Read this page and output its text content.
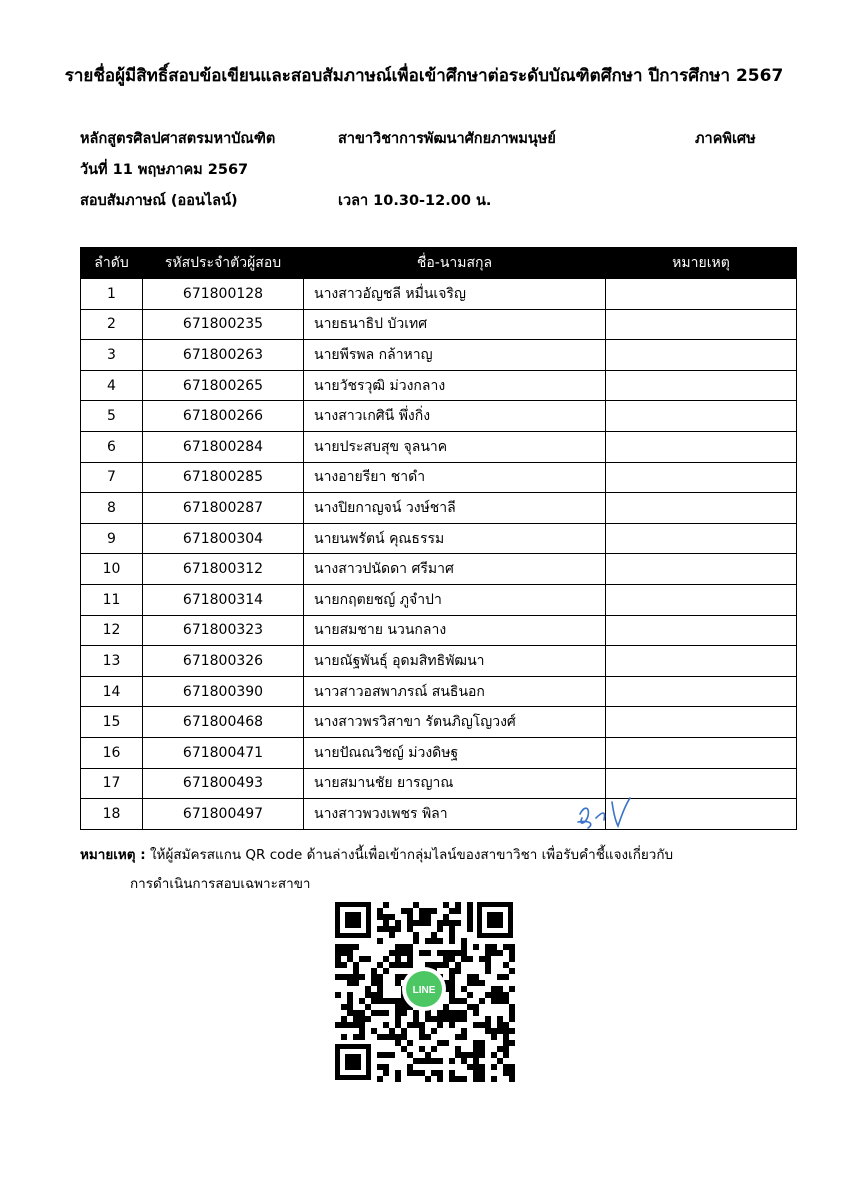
รายชื่อผู้มีสิทธิ์สอบข้อเขียนและสอบสัมภาษณ์เพื่อเข้าศึกษาต่อระดับบัณฑิตศึกษา ปีการศึกษา 2567
หลักสูตรศิลปศาสตรมหาบัณฑิต	สาขาวิชาการพัฒนาศักยภาพมนุษย์	ภาคพิเศษ
วันที่ 11 พฤษภาคม 2567
สอบสัมภาษณ์ (ออนไลน์)	เวลา 10.30-12.00 น.
ลำดับ	รหัสประจำตัวผู้สอบ	ชื่อ-นามสกุล	หมายเหตุ
1	671800128	นางสาวอัญชลี หมื่นเจริญ	
2	671800235	นายธนาธิป บัวเทศ	
3	671800263	นายพีรพล กล้าหาญ	
4	671800265	นายวัชรวุฒิ ม่วงกลาง	
5	671800266	นางสาวเกศินี พึ่งกิ่ง	
6	671800284	นายประสบสุข จุลนาค	
7	671800285	นางอายรียา ชาดำ	
8	671800287	นางปิยกาญจน์ วงษ์ชาลี	
9	671800304	นายนพรัตน์ คุณธรรม	
10	671800312	นางสาวปนัดดา ศรีมาศ	
11	671800314	นายกฤตยชญ์ ภูจำปา	
12	671800323	นายสมชาย นวนกลาง	
13	671800326	นายณัฐพันธุ์ อุดมสิทธิพัฒนา	
14	671800390	นาวสาวอสพาภรณ์ สนธินอก	
15	671800468	นางสาวพรวิสาขา รัตนภิญโญวงศ์	
16	671800471	นายปัณณวิชญ์ ม่วงดิษฐ	
17	671800493	นายสมานชัย ยารญาณ	
18	671800497	นางสาวพวงเพชร พิลา	
หมายเหตุ : ให้ผู้สมัครสแกน QR code ด้านล่างนี้เพื่อเข้ากลุ่มไลน์ของสาขาวิชา เพื่อรับคำชี้แจงเกี่ยวกับ
การดำเนินการสอบเฉพาะสาขา
LINE
